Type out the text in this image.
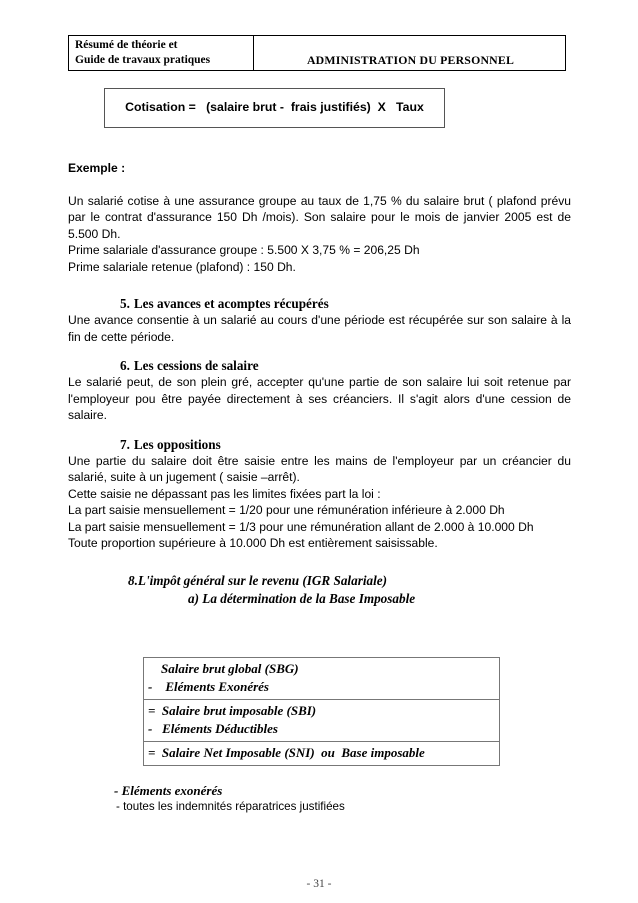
Résumé de théorie et
Guide de travaux pratiques	ADMINISTRATION DU PERSONNEL
Cotisation =   (salaire brut -  frais justifiés)  X   Taux

Exemple :

Un salarié cotise à une assurance groupe au taux de 1,75 % du salaire brut ( plafond prévu par le contrat d'assurance 150 Dh /mois). Son salaire pour le mois de janvier 2005 est de 5.500 Dh.

Prime salariale d'assurance groupe : 5.500 X 3,75 % = 206,25 Dh

Prime salariale retenue (plafond) : 150 Dh.

5. Les avances et acomptes récupérés

Une avance consentie à un salarié au cours d'une période est récupérée sur son salaire à la fin de cette période.

6. Les cessions de salaire

Le salarié peut, de son plein gré, accepter qu'une partie de son salaire lui soit retenue par l'employeur pou être payée directement à ses créanciers. Il s'agit alors d'une cession de salaire.

7. Les oppositions

Une partie du salaire doit être saisie entre les mains de l'employeur par un créancier du salarié, suite à un jugement ( saisie –arrêt).

Cette saisie ne dépassant pas les limites fixées part la loi :

La part saisie mensuellement = 1/20 pour une rémunération inférieure à 2.000 Dh

La part saisie mensuellement = 1/3 pour une rémunération allant de 2.000 à 10.000 Dh

Toute proportion supérieure à 10.000 Dh est entièrement saisissable.

8.L'impôt général sur le revenu (IGR Salariale)

a) La détermination de la Base Imposable

Salaire brut global (SBG)
-    Eléments Exonérés

=  Salaire brut imposable (SBI)
-   Eléments Déductibles

=  Salaire Net Imposable (SNI)  ou  Base imposable

- Eléments exonérés

- toutes les indemnités réparatrices justifiées

- 31 -
